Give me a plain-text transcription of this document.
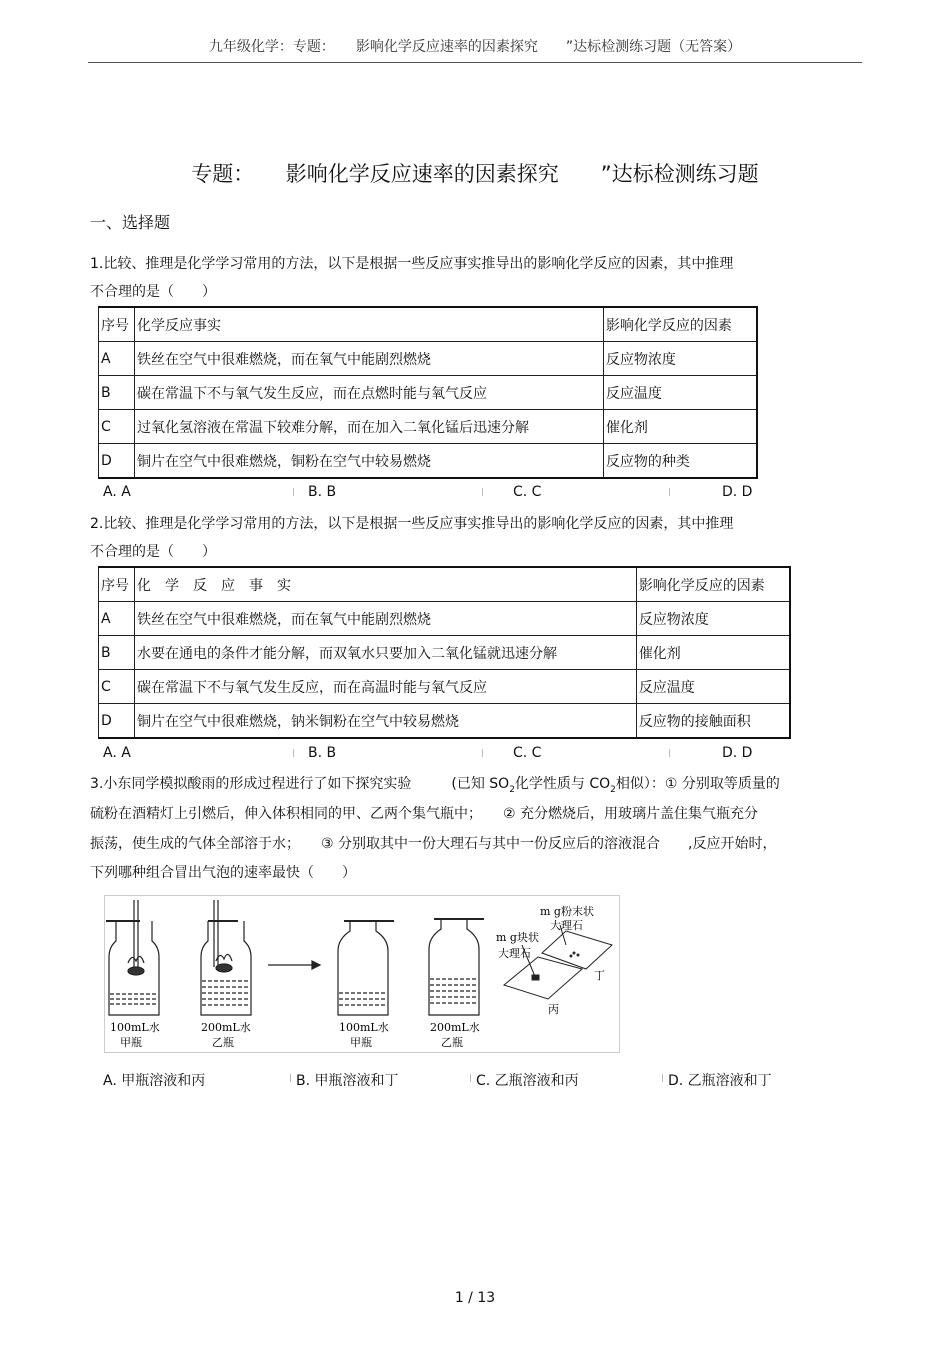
九年级化学：专题：　　影响化学反应速率的因素探究　　”达标检测练习题（无答案）
专题：　　影响化学反应速率的因素探究　　”达标检测练习题
一、选择题
1.比较、推理是化学学习常用的方法，以下是根据一些反应事实推导出的影响化学反应的因素，其中推理
不合理的是（　　）
序号	化学反应事实	影响化学反应的因素
A	铁丝在空气中很难燃烧，而在氧气中能剧烈燃烧	反应物浓度
B	碳在常温下不与氧气发生反应，而在点燃时能与氧气反应	反应温度
C	过氧化氢溶液在常温下较难分解，而在加入二氧化锰后迅速分解	催化剂
D	铜片在空气中很难燃烧，铜粉在空气中较易燃烧	反应物的种类
A. A	B. B	C. C	D. D
2.比较、推理是化学学习常用的方法，以下是根据一些反应事实推导出的影响化学反应的因素，其中推理
不合理的是（　　）
序号	化　学　反　应　事　实	影响化学反应的因素
A	铁丝在空气中很难燃烧，而在氧气中能剧烈燃烧	反应物浓度
B	水要在通电的条件才能分解，而双氧水只要加入二氧化锰就迅速分解	催化剂
C	碳在常温下不与氧气发生反应，而在高温时能与氧气反应	反应温度
D	铜片在空气中很难燃烧，钠米铜粉在空气中较易燃烧	反应物的接触面积
A. A	B. B	C. C	D. D
3.小东同学模拟酸雨的形成过程进行了如下探究实验	(已知 $SO_2$化学性质与 $CO_2$相似）：① 分别取等质量的
硫粉在酒精灯上引燃后，伸入体积相同的甲、乙两个集气瓶中；　　② 充分燃烧后，用玻璃片盖住集气瓶充分
振荡，使生成的气体全部溶于水；　　③ 分别取其中一份大理石与其中一份反应后的溶液混合　　,反应开始时，
下列哪种组合冒出气泡的速率最快（　　）
100mL水
甲瓶
200mL水
乙瓶
100mL水
甲瓶
200mL水
乙瓶
m g粉末状
大理石
m g块状
大理石
丁
丙
A. 甲瓶溶液和丙	B. 甲瓶溶液和丁	C. 乙瓶溶液和丙	D. 乙瓶溶液和丁
1 / 13
